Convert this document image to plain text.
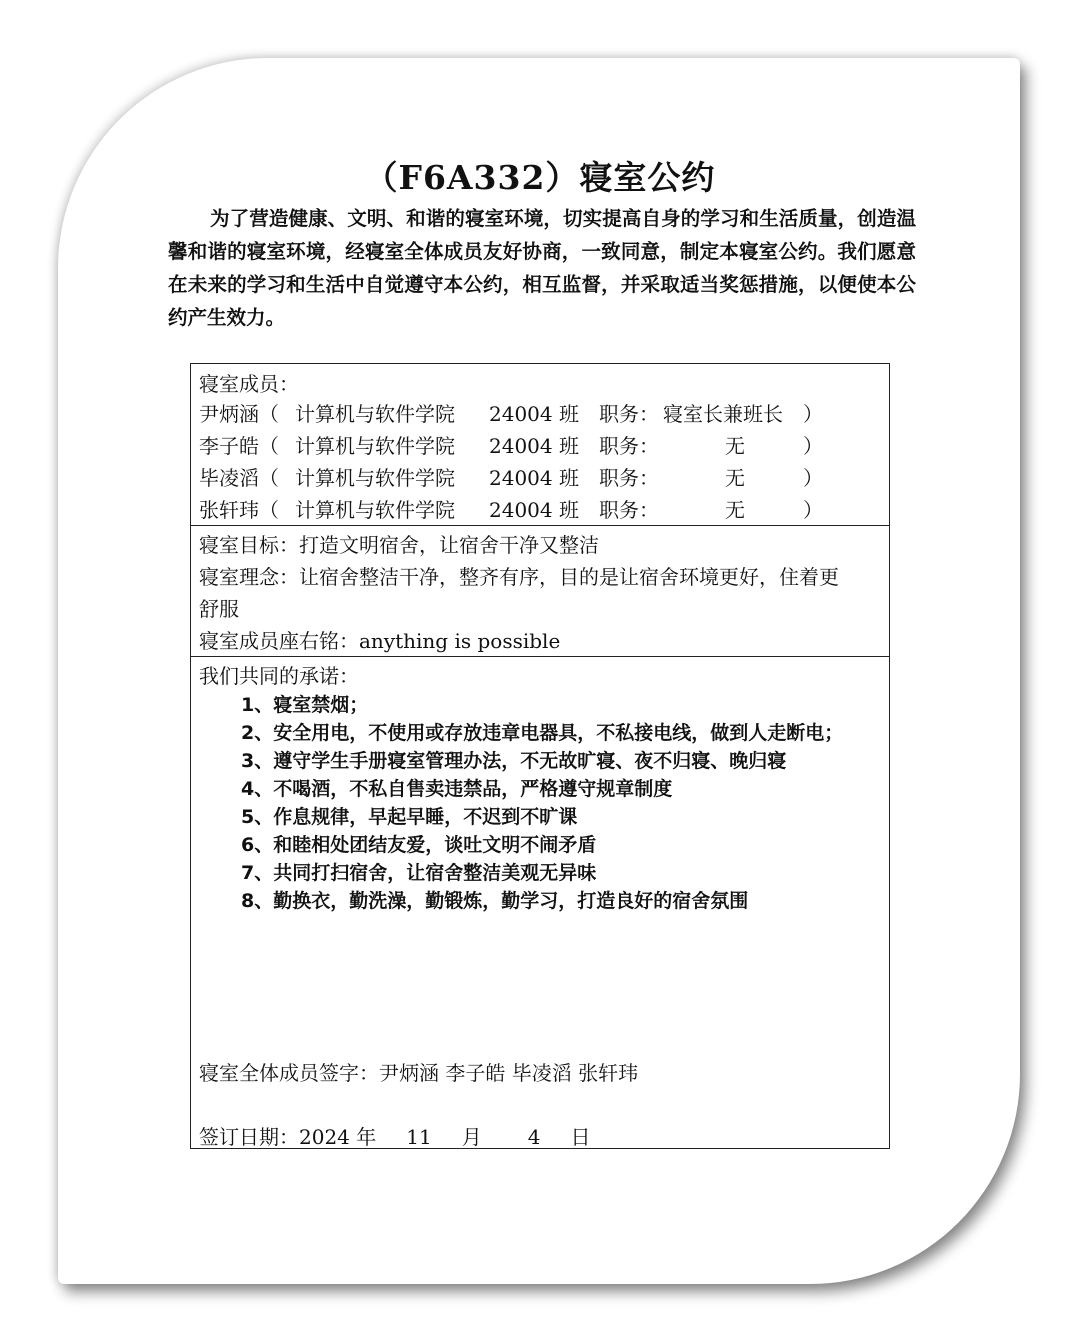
（F6A332）寝室公约
为了营造健康、文明、和谐的寝室环境，切实提高自身的学习和生活质量，创造温馨和谐的寝室环境，经寝室全体成员友好协商，一致同意，制定本寝室公约。我们愿意在未来的学习和生活中自觉遵守本公约，相互监督，并采取适当奖惩措施，以便使本公约产生效力。
寝室成员：
尹炳涵（ 计算机与软件学院 24004 班 职务： 寝室长兼班长 ）
李子皓（ 计算机与软件学院 24004 班 职务：	无	）
毕凌滔（ 计算机与软件学院 24004 班 职务：	无	）
张轩玮（ 计算机与软件学院 24004 班 职务：	无	）
寝室目标：打造文明宿舍，让宿舍干净又整洁
寝室理念：让宿舍整洁干净，整齐有序，目的是让宿舍环境更好，住着更
舒服
寝室成员座右铭：anything is possible
我们共同的承诺：
1、寝室禁烟；
2、安全用电，不使用或存放违章电器具，不私接电线，做到人走断电；
3、遵守学生手册寝室管理办法，不无故旷寝、夜不归寝、晚归寝
4、不喝酒，不私自售卖违禁品，严格遵守规章制度
5、作息规律，早起早睡，不迟到不旷课
6、和睦相处团结友爱，谈吐文明不闹矛盾
7、共同打扫宿舍，让宿舍整洁美观无异味
8、勤换衣，勤洗澡，勤锻炼，勤学习，打造良好的宿舍氛围
寝室全体成员签字：尹炳涵 李子皓 毕凌滔 张轩玮
签订日期：2024 年 11 月 4 日
